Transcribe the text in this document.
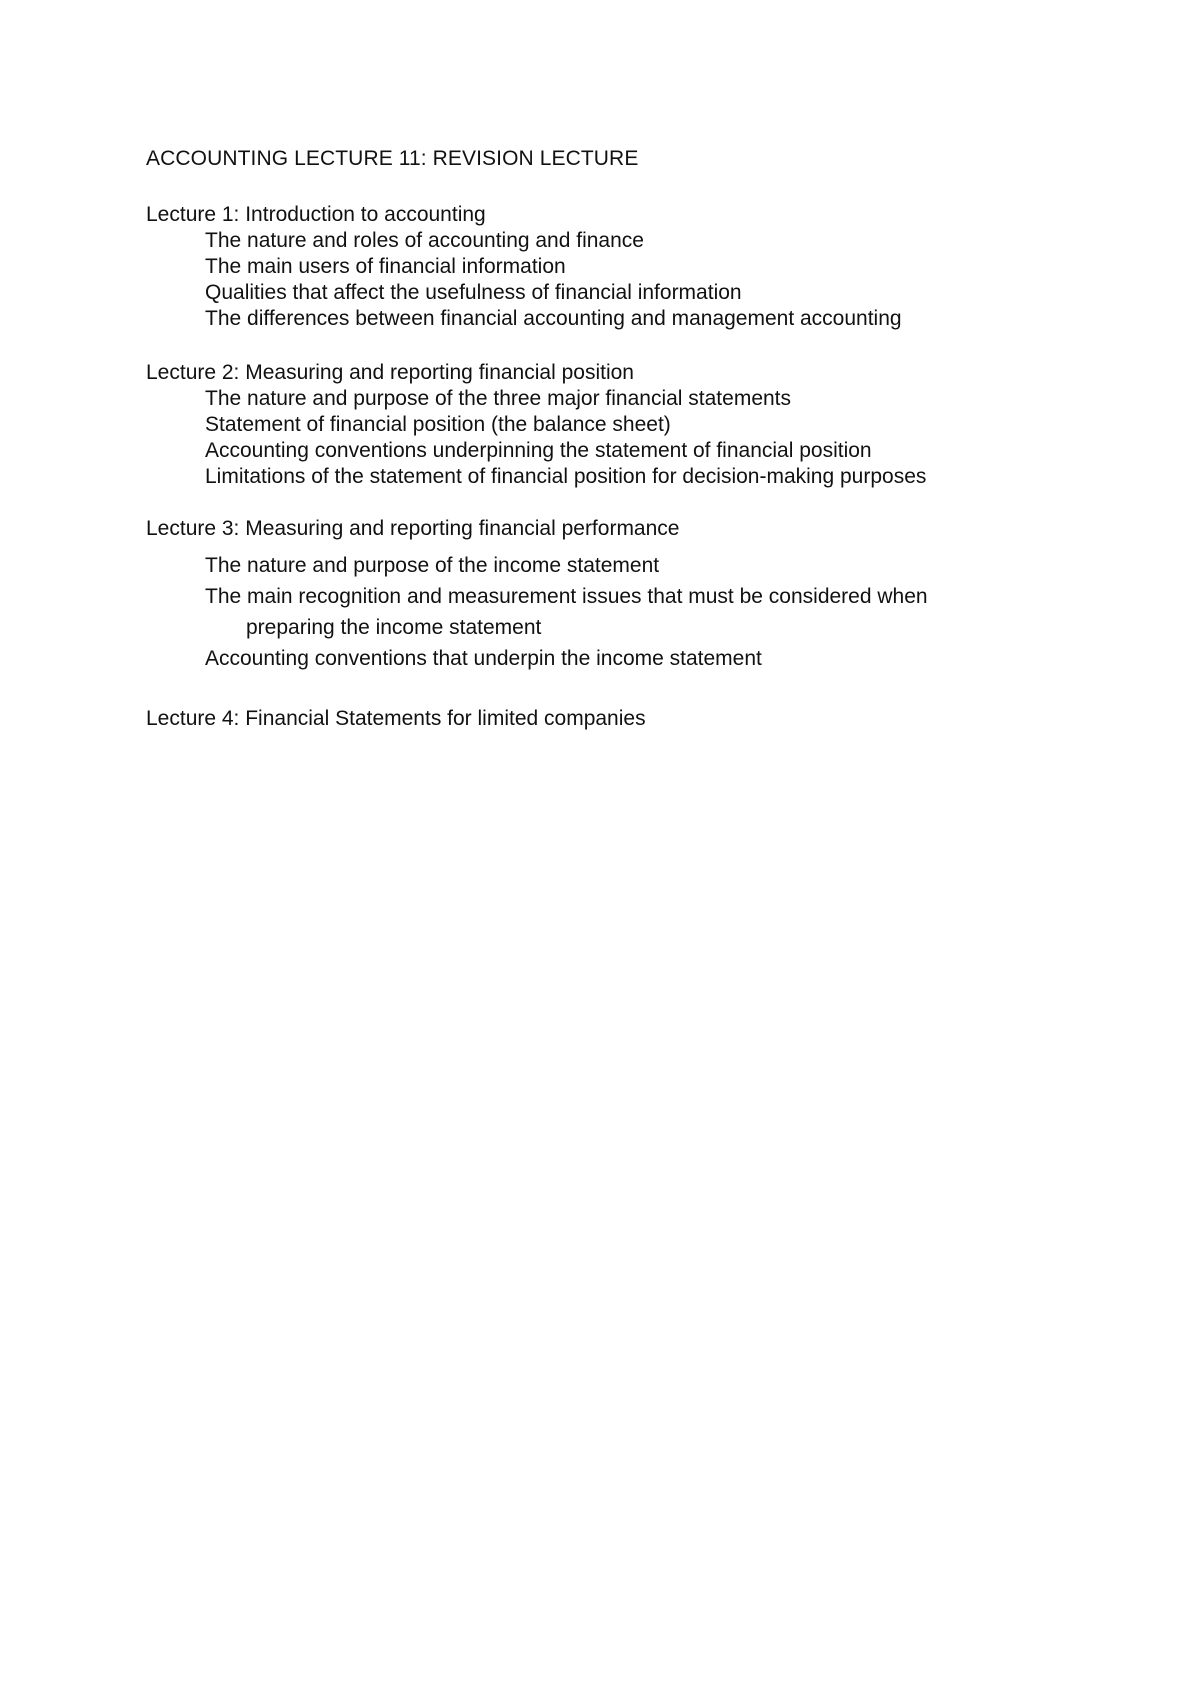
ACCOUNTING LECTURE 11: REVISION LECTURE

Lecture 1: Introduction to accounting

The nature and roles of accounting and finance
The main users of financial information
Qualities that affect the usefulness of financial information
The differences between financial accounting and management accounting

Lecture 2: Measuring and reporting financial position

The nature and purpose of the three major financial statements
Statement of financial position (the balance sheet)
Accounting conventions underpinning the statement of financial position
Limitations of the statement of financial position for decision-making purposes

Lecture 3: Measuring and reporting financial performance

The nature and purpose of the income statement
The main recognition and measurement issues that must be considered when
preparing the income statement
Accounting conventions that underpin the income statement

Lecture 4: Financial Statements for limited companies
